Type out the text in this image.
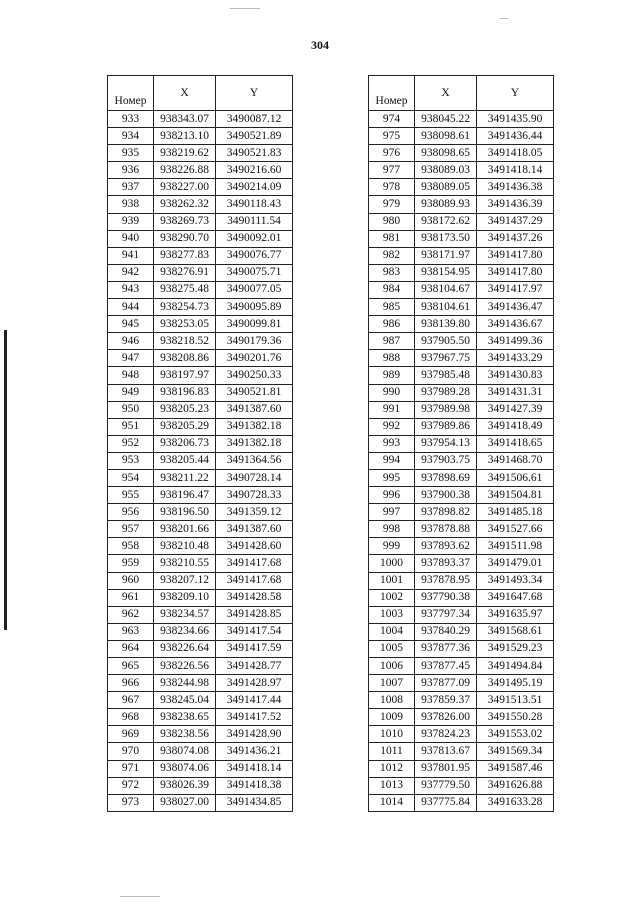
304
Номер	X	Y
933	938343.07	3490087.12
934	938213.10	3490521.89
935	938219.62	3490521.83
936	938226.88	3490216.60
937	938227.00	3490214.09
938	938262.32	3490118.43
939	938269.73	3490111.54
940	938290.70	3490092.01
941	938277.83	3490076.77
942	938276.91	3490075.71
943	938275.48	3490077.05
944	938254.73	3490095.89
945	938253.05	3490099.81
946	938218.52	3490179.36
947	938208.86	3490201.76
948	938197.97	3490250.33
949	938196.83	3490521.81
950	938205.23	3491387.60
951	938205.29	3491382.18
952	938206.73	3491382.18
953	938205.44	3491364.56
954	938211.22	3490728.14
955	938196.47	3490728.33
956	938196.50	3491359.12
957	938201.66	3491387.60
958	938210.48	3491428.60
959	938210.55	3491417.68
960	938207.12	3491417.68
961	938209.10	3491428.58
962	938234.57	3491428.85
963	938234.66	3491417.54
964	938226.64	3491417.59
965	938226.56	3491428.77
966	938244.98	3491428.97
967	938245.04	3491417.44
968	938238.65	3491417.52
969	938238.56	3491428.90
970	938074.08	3491436.21
971	938074.06	3491418.14
972	938026.39	3491418.38
973	938027.00	3491434.85
Номер	X	Y
974	938045.22	3491435.90
975	938098.61	3491436.44
976	938098.65	3491418.05
977	938089.03	3491418.14
978	938089.05	3491436.38
979	938089.93	3491436.39
980	938172.62	3491437.29
981	938173.50	3491437.26
982	938171.97	3491417.80
983	938154.95	3491417.80
984	938104.67	3491417.97
985	938104.61	3491436.47
986	938139.80	3491436.67
987	937905.50	3491499.36
988	937967.75	3491433.29
989	937985.48	3491430.83
990	937989.28	3491431.31
991	937989.98	3491427.39
992	937989.86	3491418.49
993	937954.13	3491418.65
994	937903.75	3491468.70
995	937898.69	3491506.61
996	937900.38	3491504.81
997	937898.82	3491485.18
998	937878.88	3491527.66
999	937893.62	3491511.98
1000	937893.37	3491479.01
1001	937878.95	3491493.34
1002	937790.38	3491647.68
1003	937797.34	3491635.97
1004	937840.29	3491568.61
1005	937877.36	3491529.23
1006	937877.45	3491494.84
1007	937877.09	3491495.19
1008	937859.37	3491513.51
1009	937826.00	3491550.28
1010	937824.23	3491553.02
1011	937813.67	3491569.34
1012	937801.95	3491587.46
1013	937779.50	3491626.88
1014	937775.84	3491633.28
